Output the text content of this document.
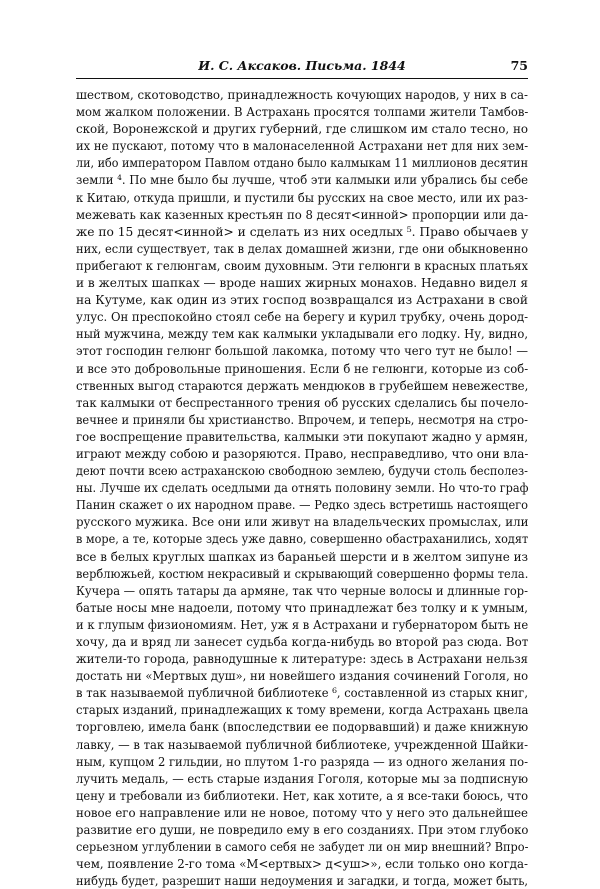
И. С. Аксаков. Письма. 1844	75
шеством, скотоводство, принадлежность кочующих народов, у них в са-
мом жалком положении. В Астрахань просятся толпами жители Тамбов-
ской, Воронежской и других губерний, где слишком им стало тесно, но
их не пускают, потому что в малонаселенной Астрахани нет для них зем-
ли, ибо императором Павлом отдано было калмыкам 11 миллионов десятин
земли ⁴. По мне было бы лучше, чтоб эти калмыки или убрались бы себе
к Китаю, откуда пришли, и пустили бы русских на свое место, или их раз-
межевать как казенных крестьян по 8 десят<инной> пропорции или да-
же по 15 десят<инной> и сделать из них оседлых ⁵. Право обычаев у
них, если существует, так в делах домашней жизни, где они обыкновенно
прибегают к гелюнгам, своим духовным. Эти гелюнги в красных платьях
и в желтых шапках — вроде наших жирных монахов. Недавно видел я
на Кутуме, как один из этих господ возвращался из Астрахани в свой
улус. Он преспокойно стоял себе на берегу и курил трубку, очень дород-
ный мужчина, между тем как калмыки укладывали его лодку. Ну, видно,
этот господин гелюнг большой лакомка, потому что чего тут не было! —
и все это добровольные приношения. Если б не гелюнги, которые из соб-
ственных выгод стараются держать мендюков в грубейшем невежестве,
так калмыки от беспрестанного трения об русских сделались бы почело-
вечнее и приняли бы христианство. Впрочем, и теперь, несмотря на стро-
гое воспрещение правительства, калмыки эти покупают жадно у армян,
играют между собою и разоряются. Право, несправедливо, что они вла-
деют почти всею астраханскою свободною землею, будучи столь бесполез-
ны. Лучше их сделать оседлыми да отнять половину земли. Но что-то граф
Панин скажет о их народном праве. — Редко здесь встретишь настоящего
русского мужика. Все они или живут на владельческих промыслах, или
в море, а те, которые здесь уже давно, совершенно обастраханились, ходят
все в белых круглых шапках из бараньей шерсти и в желтом зипуне из
верблюжьей, костюм некрасивый и скрывающий совершенно формы тела.
Кучера — опять татары да армяне, так что черные волосы и длинные гор-
батые носы мне надоели, потому что принадлежат без толку и к умным,
и к глупым физиономиям. Нет, уж я в Астрахани и губернатором быть не
хочу, да и вряд ли занесет судьба когда-нибудь во второй раз сюда. Вот
жители-то города, равнодушные к литературе: здесь в Астрахани нельзя
достать ни «Мертвых душ», ни новейшего издания сочинений Гоголя, но
в так называемой публичной библиотеке ⁶, составленной из старых книг,
старых изданий, принадлежащих к тому времени, когда Астрахань цвела
торговлею, имела банк (впоследствии ее подорвавший) и даже книжную
лавку, — в так называемой публичной библиотеке, учрежденной Шайки-
ным, купцом 2 гильдии, но плутом 1-го разряда — из одного желания по-
лучить медаль, — есть старые издания Гоголя, которые мы за подписную
цену и требовали из библиотеки. Нет, как хотите, а я все-таки боюсь, что
новое его направление или не новое, потому что у него это дальнейшее
развитие его души, не повредило ему в его созданиях. При этом глубоко
серьезном углублении в самого себя не забудет ли он мир внешний? Впро-
чем, появление 2-го тома «М<ертвых> д<уш>», если только оно когда-
нибудь будет, разрешит наши недоумения и загадки, и тогда, может быть,
